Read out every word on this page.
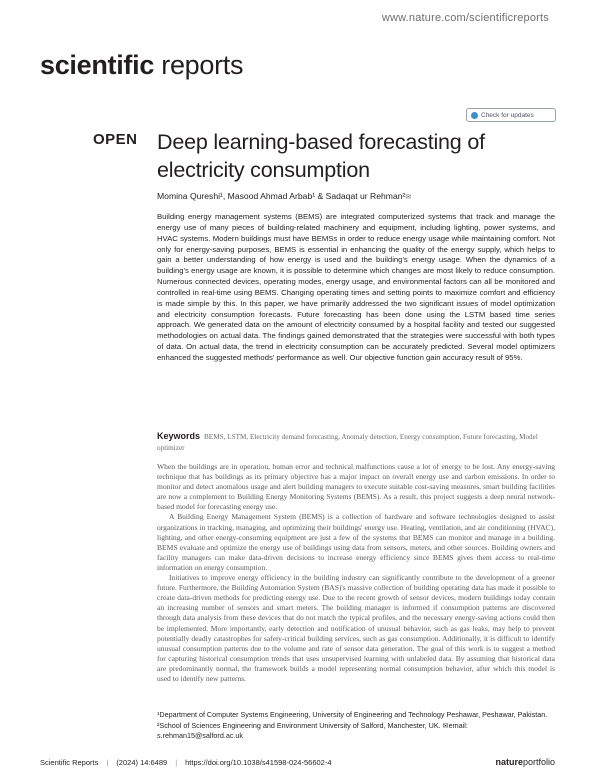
www.nature.com/scientificreports
scientific reports
Check for updates
OPEN Deep learning-based forecasting of electricity consumption
Momina Qureshi¹, Masood Ahmad Arbab¹ & Sadaqat ur Rehman²✉
Building energy management systems (BEMS) are integrated computerized systems that track and manage the energy use of many pieces of building-related machinery and equipment, including lighting, power systems, and HVAC systems. Modern buildings must have BEMSs in order to reduce energy usage while maintaining comfort. Not only for energy-saving purposes, BEMS is essential in enhancing the quality of the energy supply, which helps to gain a better understanding of how energy is used and the building's energy usage. When the dynamics of a building's energy usage are known, it is possible to determine which changes are most likely to reduce consumption. Numerous connected devices, operating modes, energy usage, and environmental factors can all be monitored and controlled in real-time using BEMS. Changing operating times and setting points to maximize comfort and efficiency is made simple by this. In this paper, we have primarily addressed the two significant issues of model optimization and electricity consumption forecasts. Future forecasting has been done using the LSTM based time series approach. We generated data on the amount of electricity consumed by a hospital facility and tested our suggested methodologies on actual data. The findings gained demonstrated that the strategies were successful with both types of data. On actual data, the trend in electricity consumption can be accurately predicted. Several model optimizers enhanced the suggested methods' performance as well. Our objective function gain accuracy result of 95%.
Keywords BEMS, LSTM, Electricity demand forecasting, Anomaly detection, Energy consumption, Future forecasting, Model optimizer

When the buildings are in operation, human error and technical malfunctions cause a lot of energy to be lost. Any energy-saving technique that has buildings as its primary objective has a major impact on overall energy use and carbon emissions. In order to monitor and detect anomalous usage and alert building managers to execute suitable cost-saving measures, smart building facilities are now a complement to Building Energy Monitoring Systems (BEMS). As a result, this project suggests a deep neural network-based model for forecasting energy use.

A Building Energy Management System (BEMS) is a collection of hardware and software technologies designed to assist organizations in tracking, managing, and optimizing their buildings' energy use. Heating, ventilation, and air conditioning (HVAC), lighting, and other energy-consuming equipment are just a few of the systems that BEMS can monitor and manage in a building. BEMS evaluate and optimize the energy use of buildings using data from sensors, meters, and other sources. Building owners and facility managers can make data-driven decisions to increase energy efficiency since BEMS gives them access to real-time information on energy consumption.

Initiatives to improve energy efficiency in the building industry can significantly contribute to the development of a greener future. Furthermore, the Building Automation System (BAS)'s massive collection of building operating data has made it possible to create data-driven methods for predicting energy use. Due to the recent growth of sensor devices, modern buildings today contain an increasing number of sensors and smart meters. The building manager is informed if consumption patterns are discovered through data analysis from these devices that do not match the typical profiles, and the necessary energy-saving actions could then be implemented. More importantly, early detection and notification of unusual behavior, such as gas leaks, may help to prevent potentially deadly catastrophes for safety-critical building services, such as gas consumption. Additionally, it is difficult to identify unusual consumption patterns due to the volume and rate of sensor data generation. The goal of this work is to suggest a method for capturing historical consumption trends that uses unsupervised learning with unlabeled data. By assuming that historical data are predominantly normal, the framework builds a model representing normal consumption behavior, after which this model is used to identify new patterns.

¹Department of Computer Systems Engineering, University of Engineering and Technology Peshawar, Peshawar, Pakistan. ²School of Sciences Engineering and Environment University of Salford, Manchester, UK. ✉email: s.rehman15@salford.ac.uk
Scientific Reports | (2024) 14:6489 | https://doi.org/10.1038/s41598-024-56602-4	natureportfolio
